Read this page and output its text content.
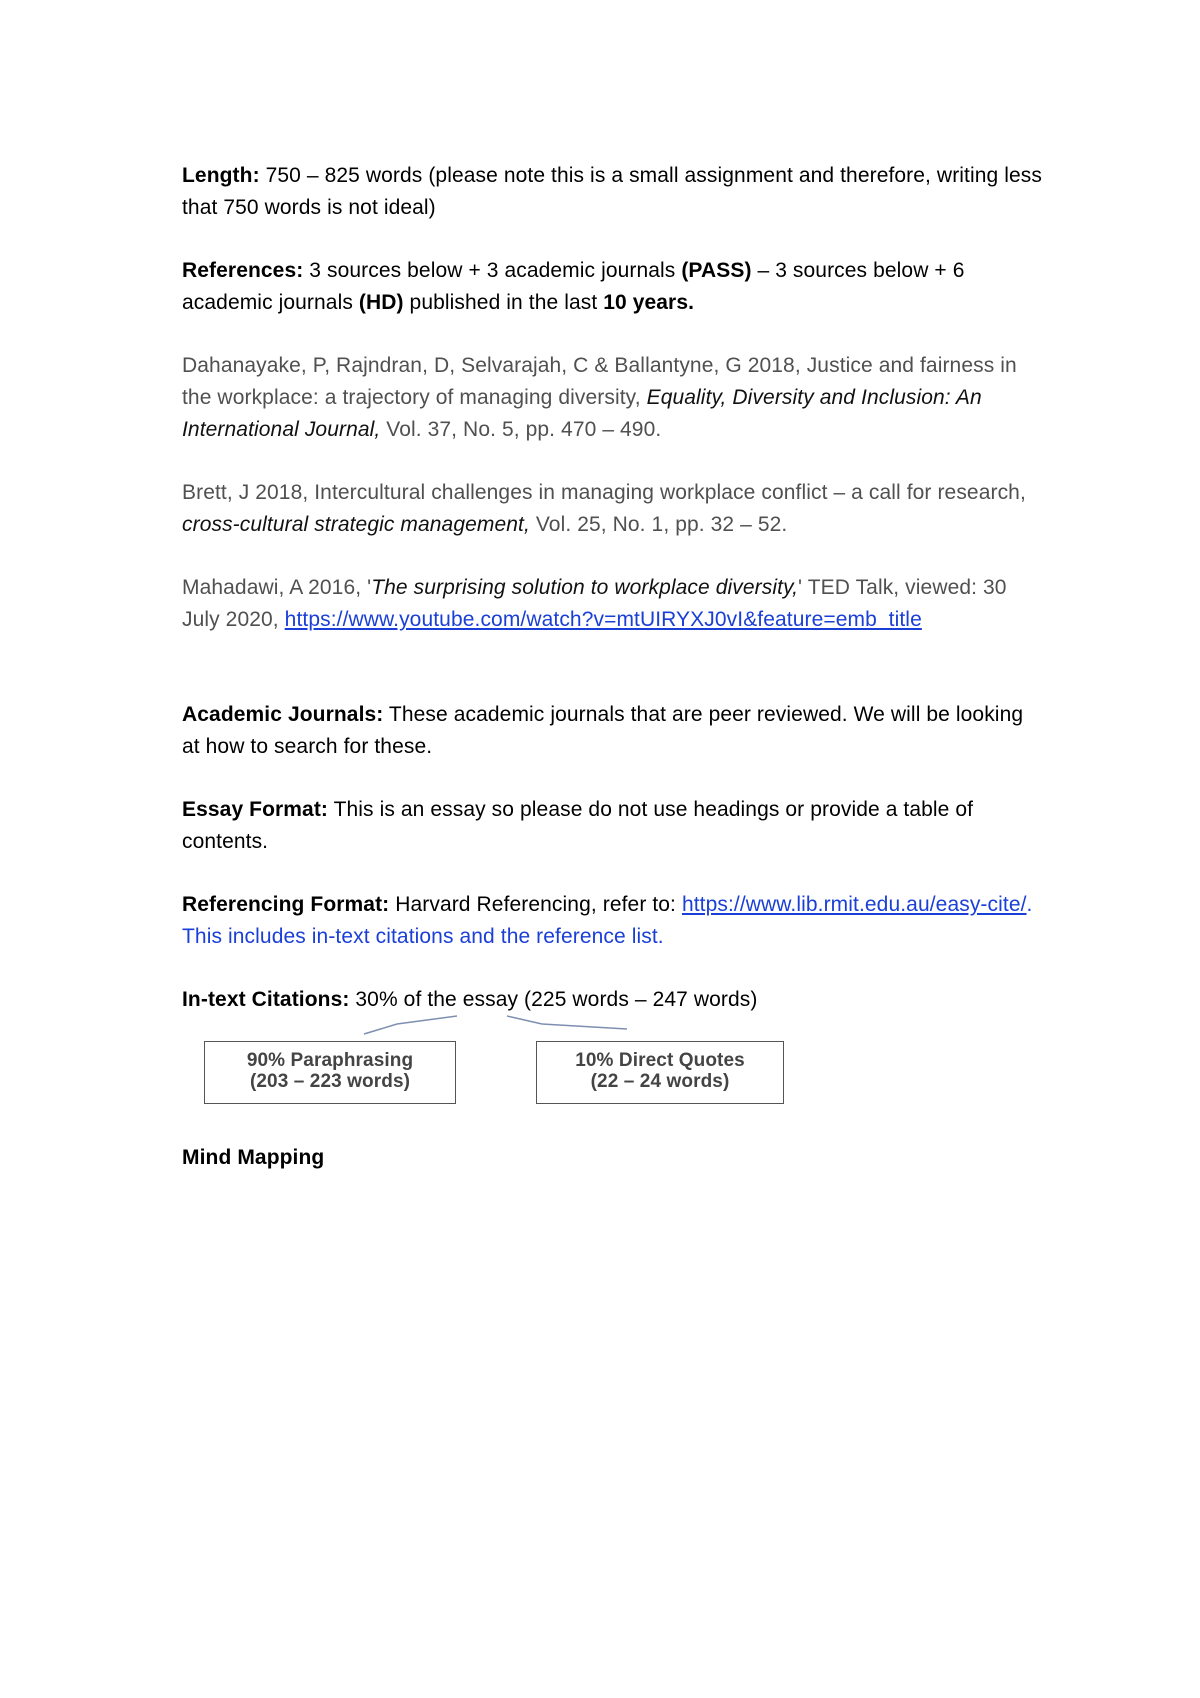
Length: 750 – 825 words (please note this is a small assignment and therefore, writing less that 750 words is not ideal)

References: 3 sources below + 3 academic journals (PASS) – 3 sources below + 6 academic journals (HD) published in the last 10 years.

Dahanayake, P, Rajndran, D, Selvarajah, C & Ballantyne, G 2018, Justice and fairness in the workplace: a trajectory of managing diversity, Equality, Diversity and Inclusion: An International Journal, Vol. 37, No. 5, pp. 470 – 490.

Brett, J 2018, Intercultural challenges in managing workplace conflict – a call for research, cross-cultural strategic management, Vol. 25, No. 1, pp. 32 – 52.

Mahadawi, A 2016, 'The surprising solution to workplace diversity,' TED Talk, viewed: 30 July 2020, https://www.youtube.com/watch?v=mtUIRYXJ0vI&feature=emb_title

Academic Journals: These academic journals that are peer reviewed. We will be looking at how to search for these.

Essay Format: This is an essay so please do not use headings or provide a table of contents.

Referencing Format: Harvard Referencing, refer to: https://www.lib.rmit.edu.au/easy-cite/. This includes in-text citations and the reference list.

In-text Citations: 30% of the essay (225 words – 247 words)

90% Paraphrasing
(203 – 223 words)
10% Direct Quotes
(22 – 24 words)

Mind Mapping
